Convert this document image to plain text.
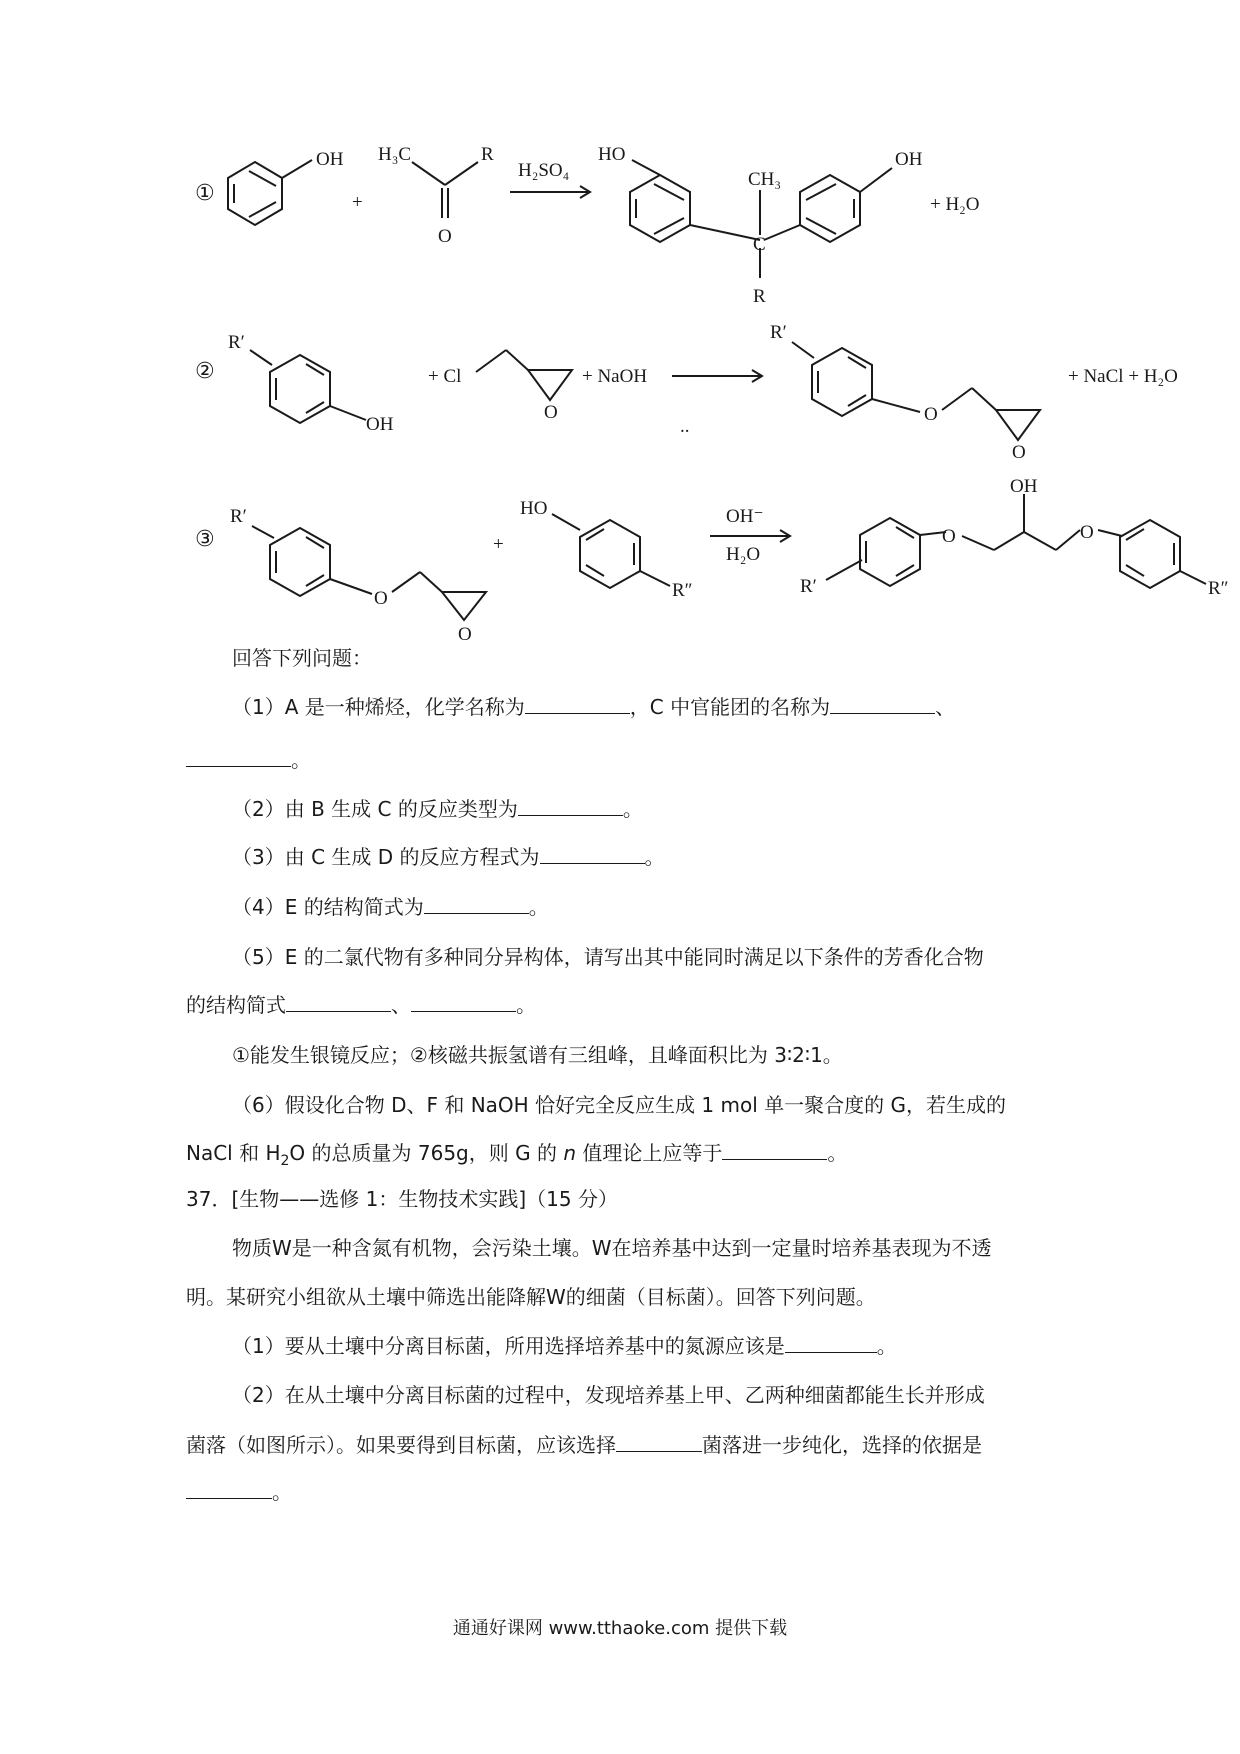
①
OH
+
H₃C	R
O
H₂SO₄
HO
CH₃
C
R
OH
+ H₂O
②
R′
OH
+ Cl
O
+ NaOH
..
R′
O
O
+ NaCl + H₂O
③
R′
O
O
+
HO
R″
OH⁻
H₂O
OH
O	O
R′	R″
回答下列问题：
（1）A 是一种烯烃，化学名称为	，C 中官能团的名称为	、
。
（2）由 B 生成 C 的反应类型为	。
（3）由 C 生成 D 的反应方程式为	。
（4）E 的结构简式为	。
（5）E 的二氯代物有多种同分异构体，请写出其中能同时满足以下条件的芳香化合物
的结构简式	、	。
①能发生银镜反应；②核磁共振氢谱有三组峰，且峰面积比为 3∶2∶1。
（6）假设化合物 D、F 和 NaOH 恰好完全反应生成 1 mol 单一聚合度的 G，若生成的
NaCl 和 $H_2O$ 的总质量为 765g，则 G 的 n 值理论上应等于	。
37．[生物——选修 1：生物技术实践]（15 分）
物质W是一种含氮有机物，会污染土壤。W在培养基中达到一定量时培养基表现为不透
明。某研究小组欲从土壤中筛选出能降解W的细菌（目标菌）。回答下列问题。
（1）要从土壤中分离目标菌，所用选择培养基中的氮源应该是	。
（2）在从土壤中分离目标菌的过程中，发现培养基上甲、乙两种细菌都能生长并形成
菌落（如图所示）。如果要得到目标菌，应该选择	菌落进一步纯化，选择的依据是
。
通通好课网 www.tthaoke.com 提供下载
